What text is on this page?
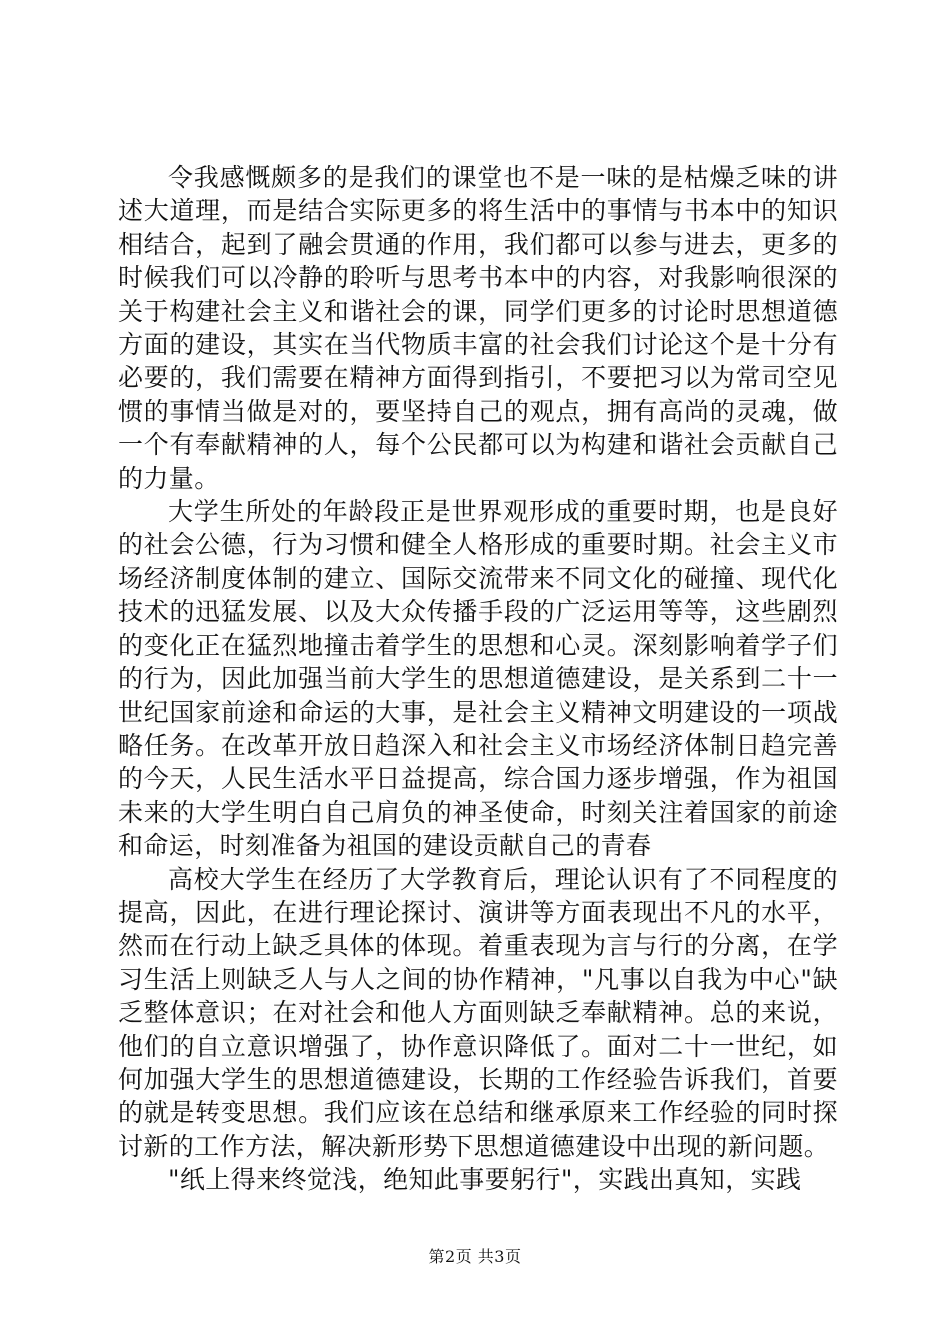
令我感慨颇多的是我们的课堂也不是一味的是枯燥乏味的讲述大道理，而是结合实际更多的将生活中的事情与书本中的知识相结合，起到了融会贯通的作用，我们都可以参与进去，更多的时候我们可以冷静的聆听与思考书本中的内容，对我影响很深的关于构建社会主义和谐社会的课，同学们更多的讨论时思想道德方面的建设，其实在当代物质丰富的社会我们讨论这个是十分有必要的，我们需要在精神方面得到指引，不要把习以为常司空见惯的事情当做是对的，要坚持自己的观点，拥有高尚的灵魂，做一个有奉献精神的人，每个公民都可以为构建和谐社会贡献自己的力量。

大学生所处的年龄段正是世界观形成的重要时期，也是良好的社会公德，行为习惯和健全人格形成的重要时期。社会主义市场经济制度体制的建立、国际交流带来不同文化的碰撞、现代化技术的迅猛发展、以及大众传播手段的广泛运用等等，这些剧烈的变化正在猛烈地撞击着学生的思想和心灵。深刻影响着学子们的行为，因此加强当前大学生的思想道德建设，是关系到二十一世纪国家前途和命运的大事，是社会主义精神文明建设的一项战略任务。在改革开放日趋深入和社会主义市场经济体制日趋完善的今天，人民生活水平日益提高，综合国力逐步增强，作为祖国未来的大学生明白自己肩负的神圣使命，时刻关注着国家的前途和命运，时刻准备为祖国的建设贡献自己的青春

高校大学生在经历了大学教育后，理论认识有了不同程度的提高，因此，在进行理论探讨、演讲等方面表现出不凡的水平，然而在行动上缺乏具体的体现。着重表现为言与行的分离，在学习生活上则缺乏人与人之间的协作精神，"凡事以自我为中心"缺乏整体意识；在对社会和他人方面则缺乏奉献精神。总的来说，他们的自立意识增强了，协作意识降低了。面对二十一世纪，如何加强大学生的思想道德建设，长期的工作经验告诉我们，首要的就是转变思想。我们应该在总结和继承原来工作经验的同时探讨新的工作方法，解决新形势下思想道德建设中出现的新问题。

"纸上得来终觉浅，绝知此事要躬行"，实践出真知，实践

第2页 共3页
